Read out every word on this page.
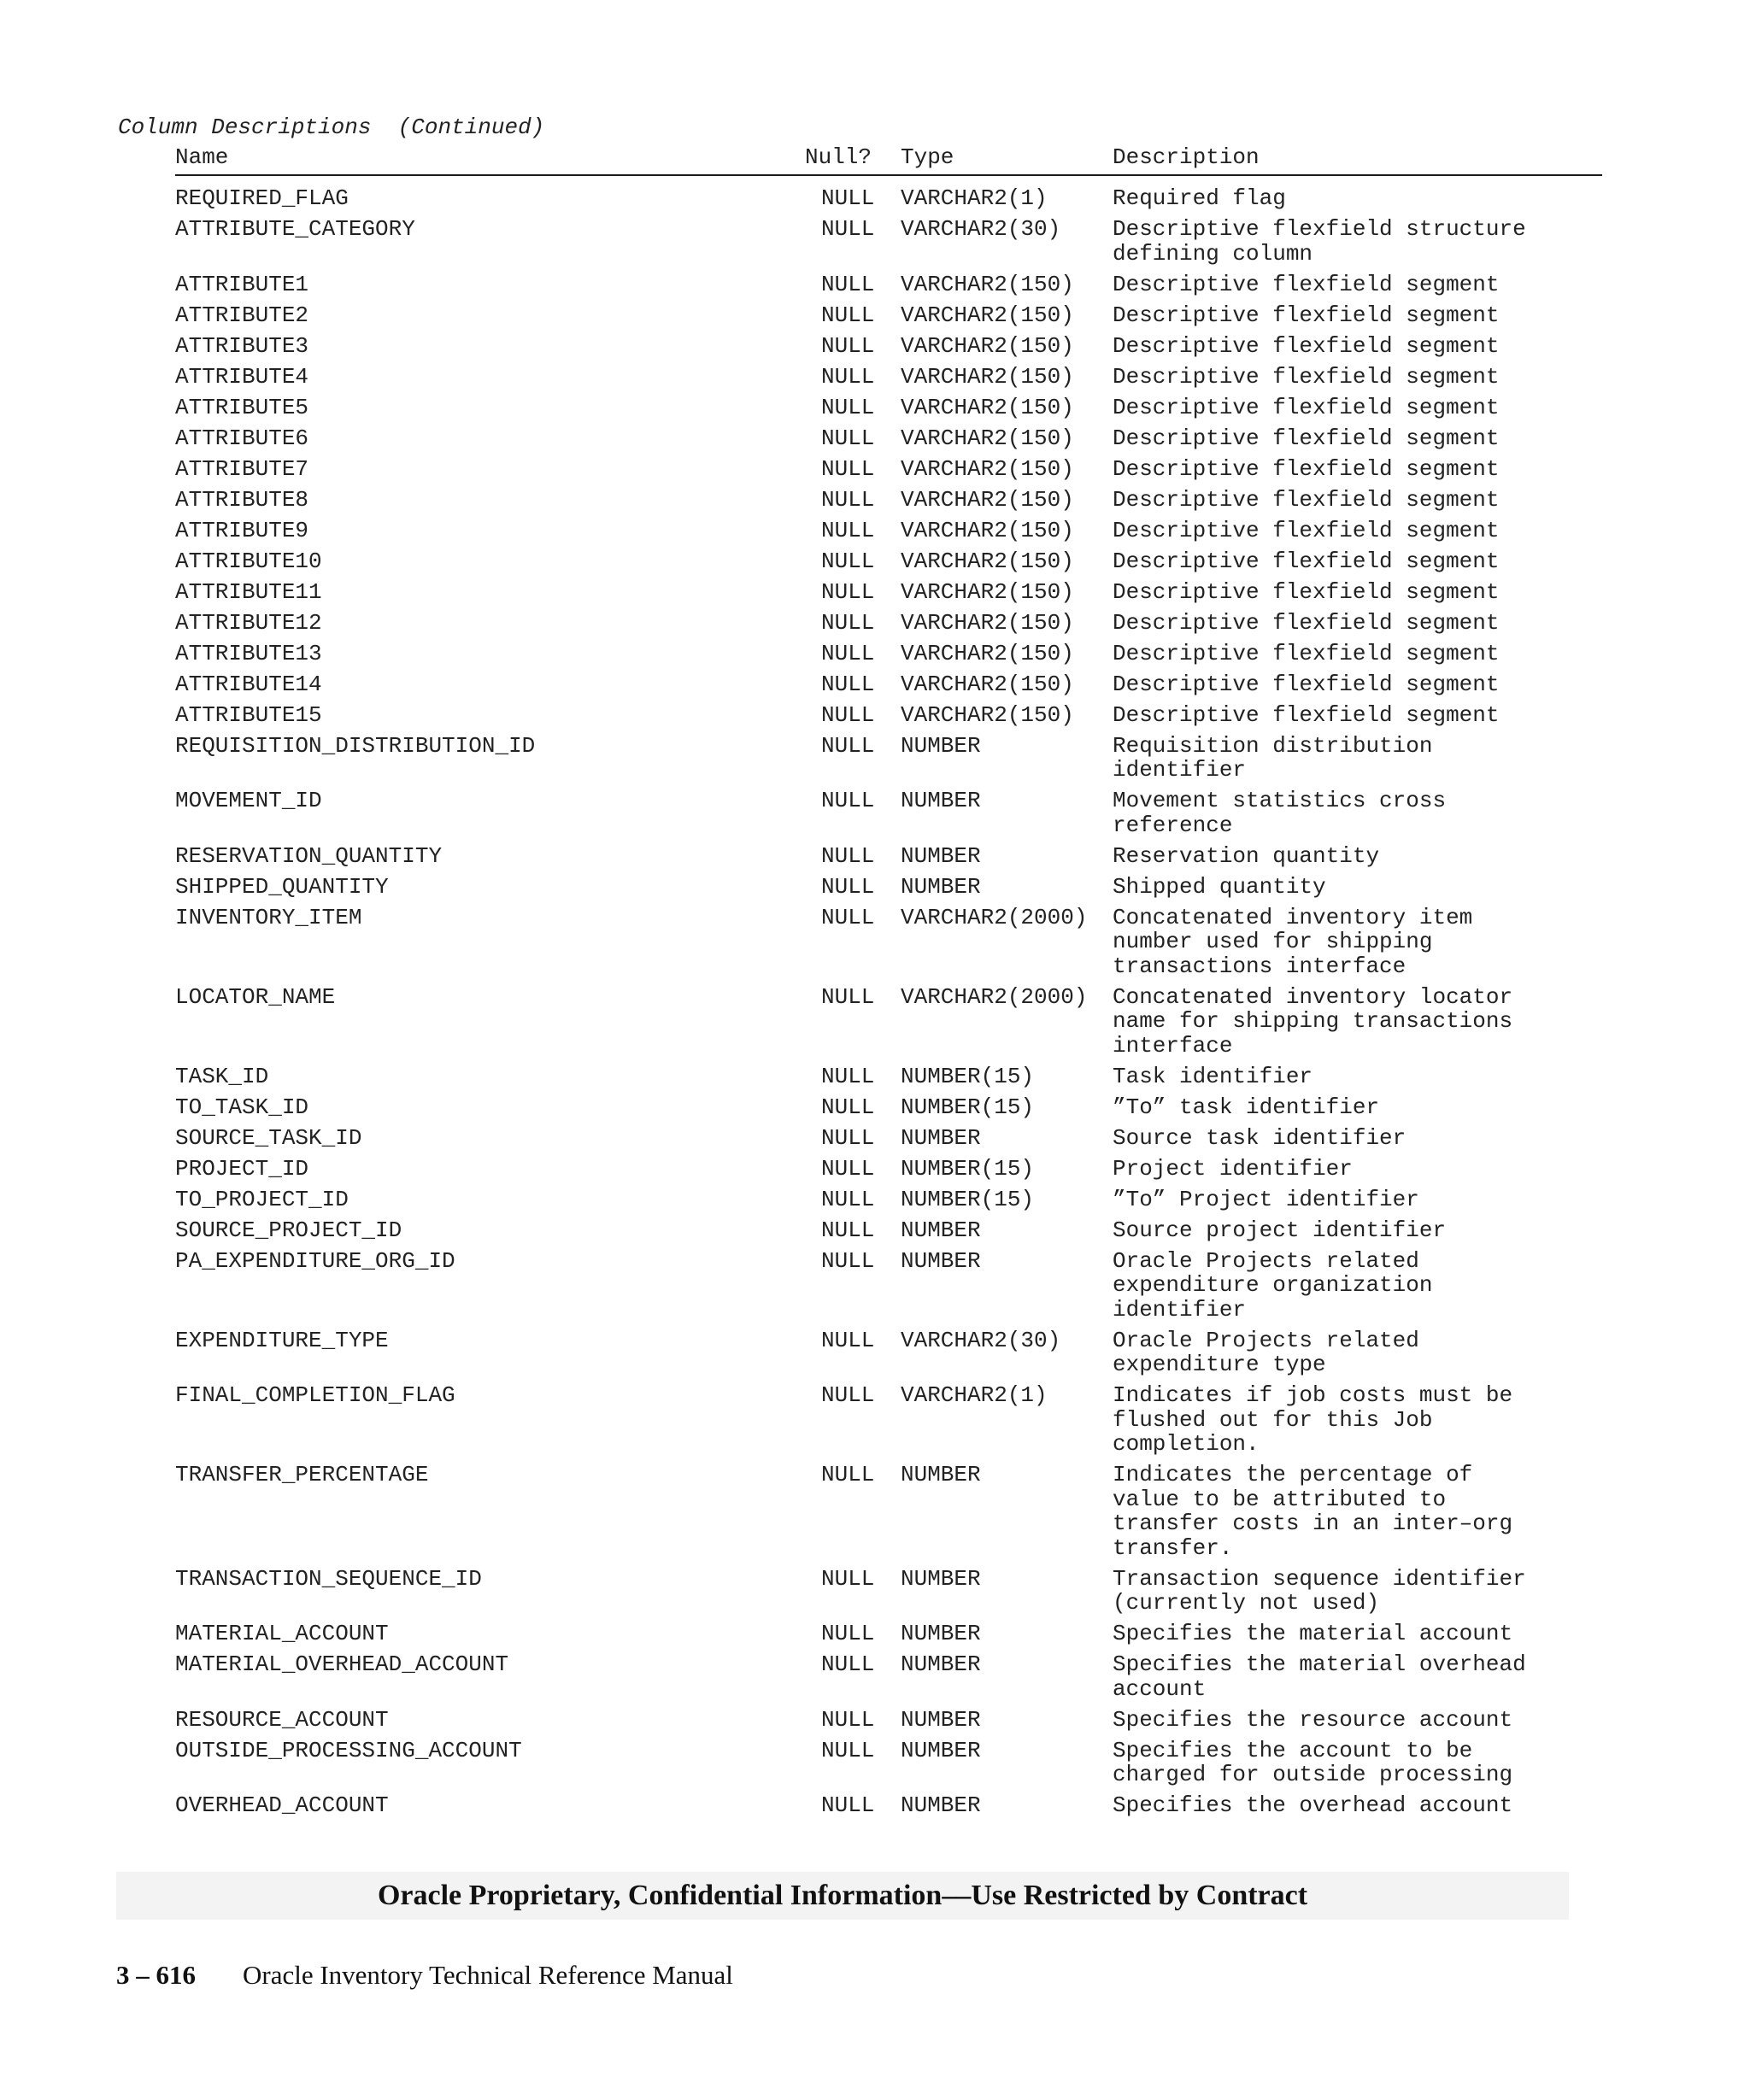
Column Descriptions  (Continued)
Name	Null? Type	Description
REQUIRED_FLAG	NULL VARCHAR2(1)	Required flag
ATTRIBUTE_CATEGORY	NULL VARCHAR2(30) Descriptive flexfield structure
defining column
ATTRIBUTE1	NULL VARCHAR2(150) Descriptive flexfield segment
ATTRIBUTE2	NULL VARCHAR2(150) Descriptive flexfield segment
ATTRIBUTE3	NULL VARCHAR2(150) Descriptive flexfield segment
ATTRIBUTE4	NULL VARCHAR2(150) Descriptive flexfield segment
ATTRIBUTE5	NULL VARCHAR2(150) Descriptive flexfield segment
ATTRIBUTE6	NULL VARCHAR2(150) Descriptive flexfield segment
ATTRIBUTE7	NULL VARCHAR2(150) Descriptive flexfield segment
ATTRIBUTE8	NULL VARCHAR2(150) Descriptive flexfield segment
ATTRIBUTE9	NULL VARCHAR2(150) Descriptive flexfield segment
ATTRIBUTE10	NULL VARCHAR2(150) Descriptive flexfield segment
ATTRIBUTE11	NULL VARCHAR2(150) Descriptive flexfield segment
ATTRIBUTE12	NULL VARCHAR2(150) Descriptive flexfield segment
ATTRIBUTE13	NULL VARCHAR2(150) Descriptive flexfield segment
ATTRIBUTE14	NULL VARCHAR2(150) Descriptive flexfield segment
ATTRIBUTE15	NULL VARCHAR2(150) Descriptive flexfield segment
REQUISITION_DISTRIBUTION_ID	NULL NUMBER	Requisition distribution
identifier
MOVEMENT_ID	NULL NUMBER	Movement statistics cross
reference
RESERVATION_QUANTITY	NULL NUMBER	Reservation quantity
SHIPPED_QUANTITY	NULL NUMBER	Shipped quantity
INVENTORY_ITEM	NULL VARCHAR2(2000) Concatenated inventory item
number used for shipping
transactions interface
LOCATOR_NAME	NULL VARCHAR2(2000) Concatenated inventory locator
name for shipping transactions
interface
TASK_ID	NULL NUMBER(15)	Task identifier
TO_TASK_ID	NULL NUMBER(15)	”To” task identifier
SOURCE_TASK_ID	NULL NUMBER	Source task identifier
PROJECT_ID	NULL NUMBER(15)	Project identifier
TO_PROJECT_ID	NULL NUMBER(15)	”To” Project identifier
SOURCE_PROJECT_ID	NULL NUMBER	Source project identifier
PA_EXPENDITURE_ORG_ID	NULL NUMBER	Oracle Projects related
expenditure organization
identifier
EXPENDITURE_TYPE	NULL VARCHAR2(30) Oracle Projects related
expenditure type
FINAL_COMPLETION_FLAG	NULL VARCHAR2(1)	Indicates if job costs must be
flushed out for this Job
completion.
TRANSFER_PERCENTAGE	NULL NUMBER	Indicates the percentage of
value to be attributed to
transfer costs in an inter–org
transfer.
TRANSACTION_SEQUENCE_ID	NULL NUMBER	Transaction sequence identifier
(currently not used)
MATERIAL_ACCOUNT	NULL NUMBER	Specifies the material account
MATERIAL_OVERHEAD_ACCOUNT	NULL NUMBER	Specifies the material overhead
account
RESOURCE_ACCOUNT	NULL NUMBER	Specifies the resource account
OUTSIDE_PROCESSING_ACCOUNT	NULL NUMBER	Specifies the account to be
charged for outside processing
OVERHEAD_ACCOUNT	NULL NUMBER	Specifies the overhead account
Oracle Proprietary, Confidential Information––Use Restricted by Contract
3 – 616 Oracle Inventory Technical Reference Manual
